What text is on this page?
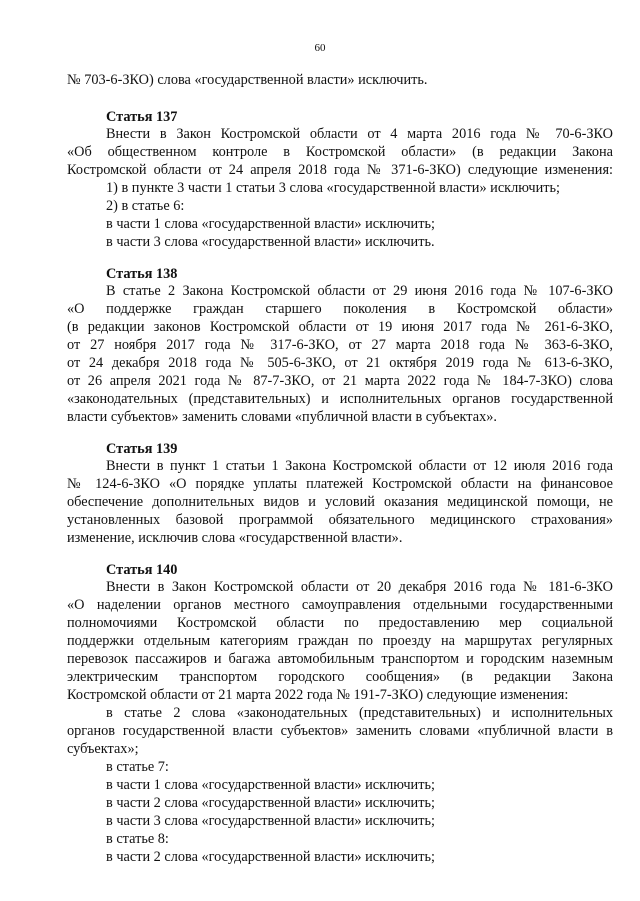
60
№ 703-6-ЗКО) слова «государственной власти» исключить.
Статья 137
Внести в Закон Костромской области от 4 марта 2016 года № 70-6-ЗКО
«Об общественном контроле в Костромской области» (в редакции Закона
Костромской области от 24 апреля 2018 года № 371-6-ЗКО) следующие изменения:
1) в пункте 3 части 1 статьи 3 слова «государственной власти» исключить;
2) в статье 6:
в части 1 слова «государственной власти» исключить;
в части 3 слова «государственной власти» исключить.
Статья 138
В статье 2 Закона Костромской области от 29 июня 2016 года № 107-6-ЗКО
«О поддержке граждан старшего поколения в Костромской области»
(в редакции законов Костромской области от 19 июня 2017 года № 261-6-ЗКО,
от 27 ноября 2017 года № 317-6-ЗКО, от 27 марта 2018 года № 363-6-ЗКО,
от 24 декабря 2018 года № 505-6-ЗКО, от 21 октября 2019 года № 613-6-ЗКО,
от 26 апреля 2021 года № 87-7-ЗКО, от 21 марта 2022 года № 184-7-ЗКО) слова
«законодательных (представительных) и исполнительных органов государственной
власти субъектов» заменить словами «публичной власти в субъектах».
Статья 139
Внести в пункт 1 статьи 1 Закона Костромской области от 12 июля 2016 года
№ 124-6-ЗКО «О порядке уплаты платежей Костромской области на финансовое
обеспечение дополнительных видов и условий оказания медицинской помощи, не
установленных базовой программой обязательного медицинского страхования»
изменение, исключив слова «государственной власти».
Статья 140
Внести в Закон Костромской области от 20 декабря 2016 года № 181-6-ЗКО
«О наделении органов местного самоуправления отдельными государственными
полномочиями Костромской области по предоставлению мер социальной
поддержки отдельным категориям граждан по проезду на маршрутах регулярных
перевозок пассажиров и багажа автомобильным транспортом и городским наземным
электрическим транспортом городского сообщения» (в редакции Закона
Костромской области от 21 марта 2022 года № 191-7-ЗКО) следующие изменения:
в статье 2 слова «законодательных (представительных) и исполнительных
органов государственной власти субъектов» заменить словами «публичной власти в
субъектах»;
в статье 7:
в части 1 слова «государственной власти» исключить;
в части 2 слова «государственной власти» исключить;
в части 3 слова «государственной власти» исключить;
в статье 8:
в части 2 слова «государственной власти» исключить;
